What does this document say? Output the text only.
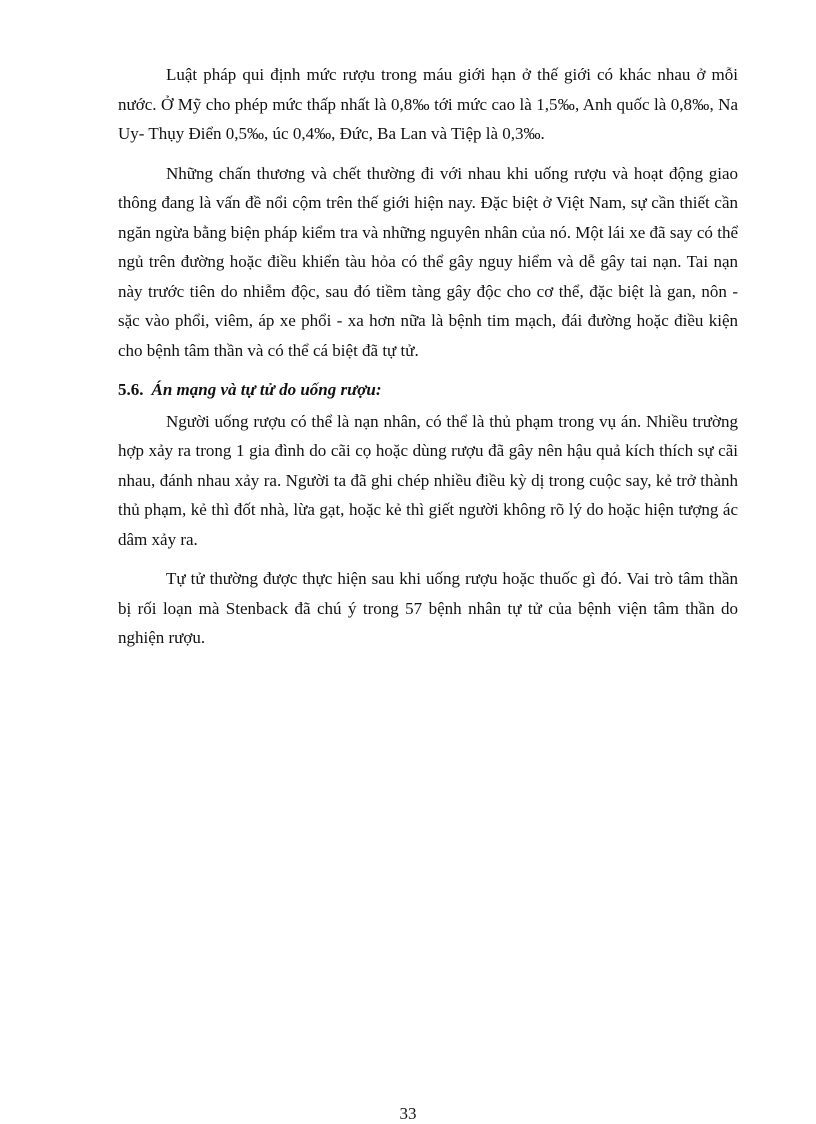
Luật pháp qui định mức rượu trong máu giới hạn ở thế giới có khác nhau ở mỗi nước. Ở Mỹ cho phép mức thấp nhất là 0,8‰ tới mức cao là 1,5‰, Anh quốc là 0,8‰, Na Uy- Thụy Điển 0,5‰, úc 0,4‰, Đức, Ba Lan và Tiệp là 0,3‰.

Những chấn thương và chết thường đi với nhau khi uống rượu và hoạt động giao thông đang là vấn đề nổi cộm trên thế giới hiện nay. Đặc biệt ở Việt Nam, sự cần thiết cần ngăn ngừa bằng biện pháp kiểm tra và những nguyên nhân của nó. Một lái xe đã say có thể ngủ trên đường hoặc điều khiển tàu hỏa có thể gây nguy hiểm và dễ gây tai nạn. Tai nạn này trước tiên do nhiễm độc, sau đó tiềm tàng gây độc cho cơ thể, đặc biệt là gan, nôn - sặc vào phổi, viêm, áp xe phổi - xa hơn nữa là bệnh tim mạch, đái đường hoặc điều kiện cho bệnh tâm thần và có thể cá biệt đã tự tử.

5.6. Án mạng và tự tử do uống rượu:

Người uống rượu có thể là nạn nhân, có thể là thủ phạm trong vụ án. Nhiều trường hợp xảy ra trong 1 gia đình do cãi cọ hoặc dùng rượu đã gây nên hậu quả kích thích sự cãi nhau, đánh nhau xảy ra. Người ta đã ghi chép nhiều điều kỳ dị trong cuộc say, kẻ trở thành thủ phạm, kẻ thì đốt nhà, lừa gạt, hoặc kẻ thì giết người không rõ lý do hoặc hiện tượng ác dâm xảy ra.

Tự tử thường được thực hiện sau khi uống rượu hoặc thuốc gì đó. Vai trò tâm thần bị rối loạn mà Stenback đã chú ý trong 57 bệnh nhân tự tử của bệnh viện tâm thần do nghiện rượu.

33
